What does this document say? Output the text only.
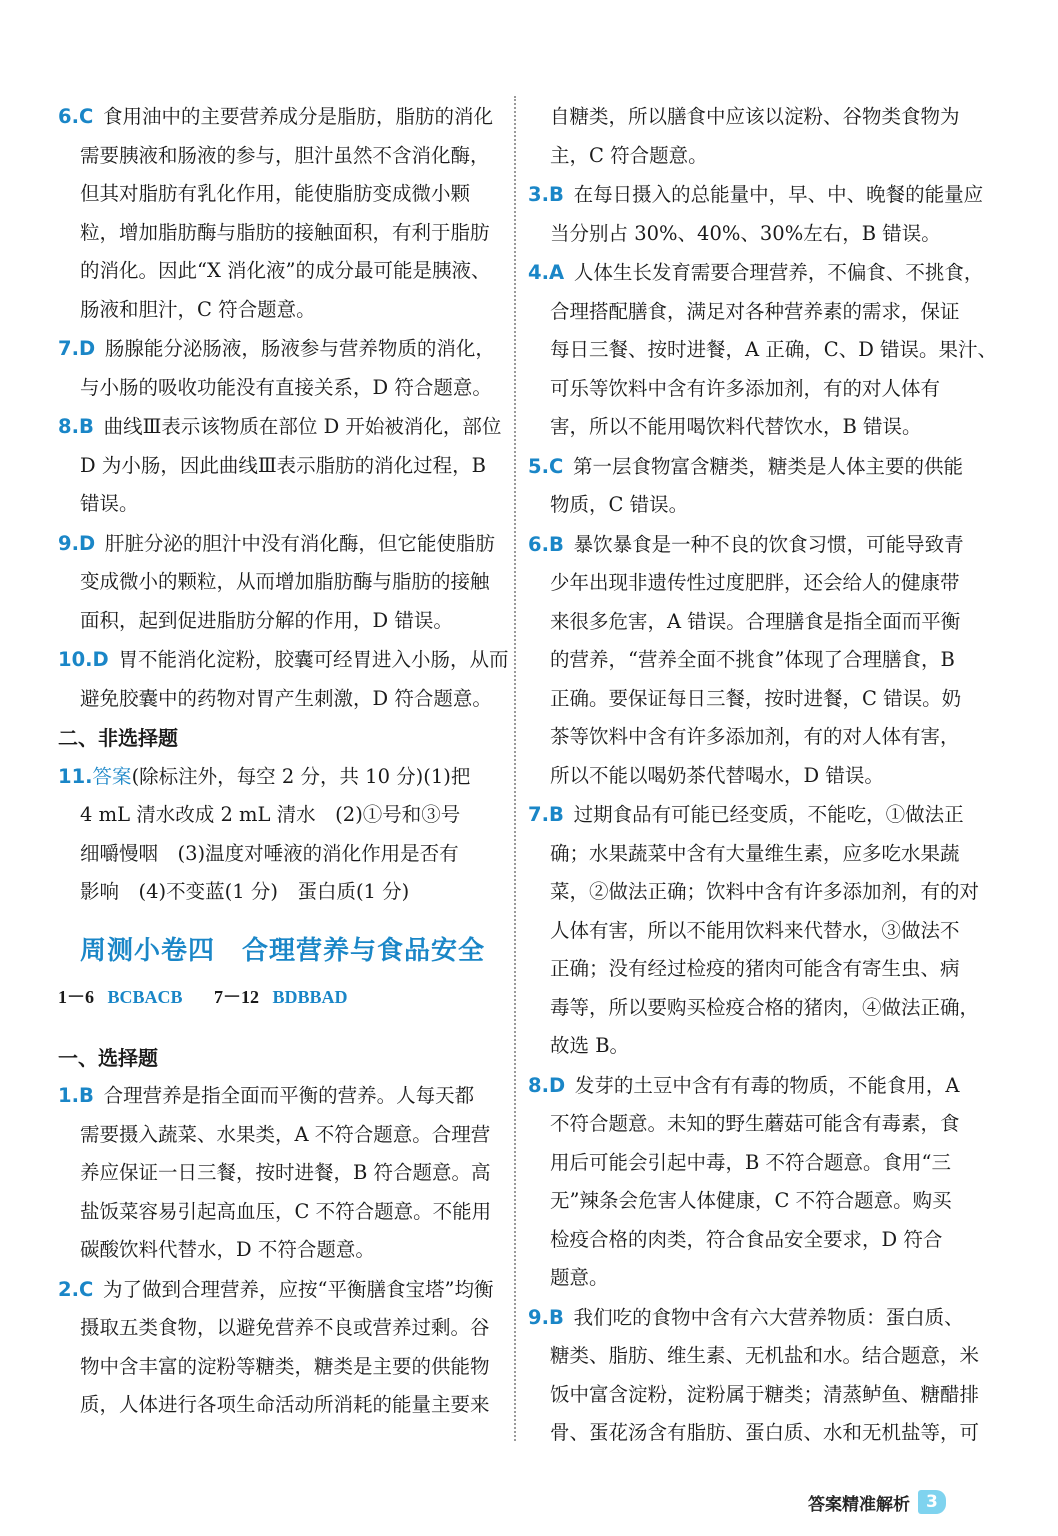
6.C  食用油中的主要营养成分是脂肪，脂肪的消化
需要胰液和肠液的参与，胆汁虽然不含消化酶，
但其对脂肪有乳化作用，能使脂肪变成微小颗
粒，增加脂肪酶与脂肪的接触面积，有利于脂肪
的消化。因此“X 消化液”的成分最可能是胰液、
肠液和胆汁，C 符合题意。
7.D  肠腺能分泌肠液，肠液参与营养物质的消化，
与小肠的吸收功能没有直接关系，D 符合题意。
8.B  曲线Ⅲ表示该物质在部位 D 开始被消化，部位
D 为小肠，因此曲线Ⅲ表示脂肪的消化过程，B
错误。
9.D  肝脏分泌的胆汁中没有消化酶，但它能使脂肪
变成微小的颗粒，从而增加脂肪酶与脂肪的接触
面积，起到促进脂肪分解的作用，D 错误。
10.D  胃不能消化淀粉，胶囊可经胃进入小肠，从而
避免胶囊中的药物对胃产生刺激，D 符合题意。
二、非选择题
11.答案(除标注外，每空 2 分，共 10 分)(1)把
4 mL 清水改成 2 mL 清水　(2)①号和③号
细嚼慢咽　(3)温度对唾液的消化作用是否有
影响　(4)不变蓝(1 分)　蛋白质(1 分)
周测小卷四　合理营养与食品安全
1－6 BCBACB 7－12 BDBBAD
一、选择题
1.B  合理营养是指全面而平衡的营养。人每天都
需要摄入蔬菜、水果类，A 不符合题意。合理营
养应保证一日三餐，按时进餐，B 符合题意。高
盐饭菜容易引起高血压，C 不符合题意。不能用
碳酸饮料代替水，D 不符合题意。
2.C  为了做到合理营养，应按“平衡膳食宝塔”均衡
摄取五类食物，以避免营养不良或营养过剩。谷
物中含丰富的淀粉等糖类，糖类是主要的供能物
质，人体进行各项生命活动所消耗的能量主要来
自糖类，所以膳食中应该以淀粉、谷物类食物为
主，C 符合题意。
3.B  在每日摄入的总能量中，早、中、晚餐的能量应
当分别占 30%、40%、30%左右，B 错误。
4.A  人体生长发育需要合理营养，不偏食、不挑食，
合理搭配膳食，满足对各种营养素的需求，保证
每日三餐、按时进餐，A 正确，C、D 错误。果汁、
可乐等饮料中含有许多添加剂，有的对人体有
害，所以不能用喝饮料代替饮水，B 错误。
5.C  第一层食物富含糖类，糖类是人体主要的供能
物质，C 错误。
6.B  暴饮暴食是一种不良的饮食习惯，可能导致青
少年出现非遗传性过度肥胖，还会给人的健康带
来很多危害，A 错误。合理膳食是指全面而平衡
的营养，“营养全面不挑食”体现了合理膳食，B
正确。要保证每日三餐，按时进餐，C 错误。奶
茶等饮料中含有许多添加剂，有的对人体有害，
所以不能以喝奶茶代替喝水，D 错误。
7.B  过期食品有可能已经变质，不能吃，①做法正
确；水果蔬菜中含有大量维生素，应多吃水果蔬
菜，②做法正确；饮料中含有许多添加剂，有的对
人体有害，所以不能用饮料来代替水，③做法不
正确；没有经过检疫的猪肉可能含有寄生虫、病
毒等，所以要购买检疫合格的猪肉，④做法正确，
故选 B。
8.D  发芽的土豆中含有有毒的物质，不能食用，A
不符合题意。未知的野生蘑菇可能含有毒素，食
用后可能会引起中毒，B 不符合题意。食用“三
无”辣条会危害人体健康，C 不符合题意。购买
检疫合格的肉类，符合食品安全要求，D 符合
题意。
9.B  我们吃的食物中含有六大营养物质：蛋白质、
糖类、脂肪、维生素、无机盐和水。结合题意，米
饭中富含淀粉，淀粉属于糖类；清蒸鲈鱼、糖醋排
骨、蛋花汤含有脂肪、蛋白质、水和无机盐等，可
答案精准解析 3
